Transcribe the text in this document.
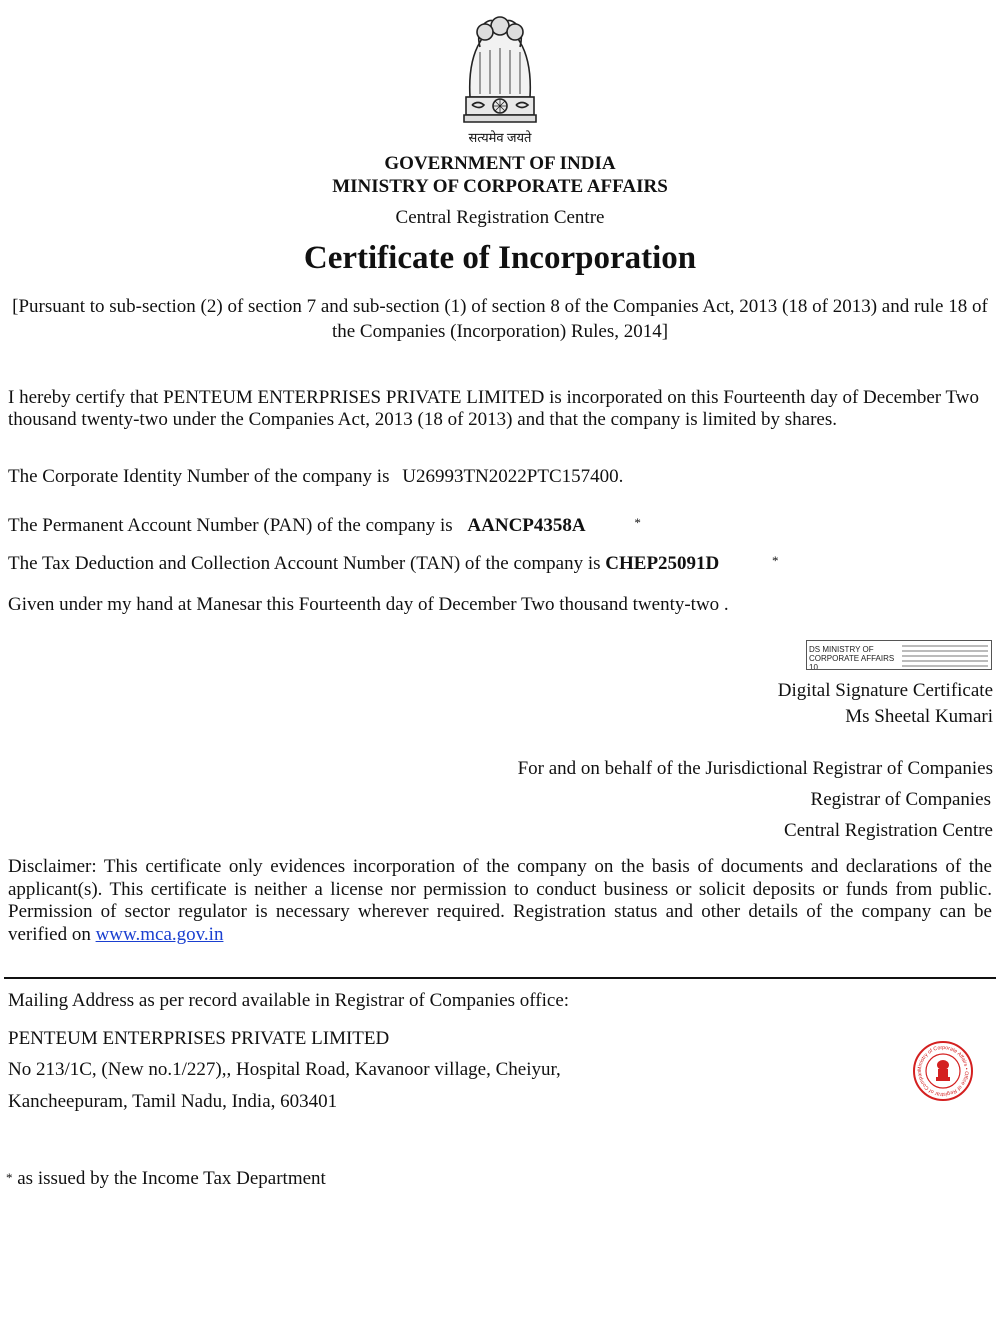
सत्यमेव जयते
GOVERNMENT OF INDIA
MINISTRY OF CORPORATE AFFAIRS
Central Registration Centre
Certificate of Incorporation
[Pursuant to sub-section (2) of section 7 and sub-section (1) of section 8 of the Companies Act, 2013 (18 of 2013) and rule 18 of the Companies (Incorporation) Rules, 2014]
I hereby certify that PENTEUM ENTERPRISES PRIVATE LIMITED is incorporated on this Fourteenth day of December Two thousand twenty-two under the Companies Act, 2013 (18 of 2013) and that the company is limited by shares.
The Corporate Identity Number of the company is U26993TN2022PTC157400.
The Permanent Account Number (PAN) of the company is AANCP4358A	*
The Tax Deduction and Collection Account Number (TAN) of the company is CHEP25091D	*
Given under my hand at Manesar this Fourteenth day of December Two thousand twenty-two .
DS MINISTRY OF
CORPORATE AFFAIRS 10
Digital Signature Certificate
Ms Sheetal Kumari
For and on behalf of the Jurisdictional Registrar of Companies
Registrar of Companies
Central Registration Centre
Disclaimer: This certificate only evidences incorporation of the company on the basis of documents and declarations of the applicant(s). This certificate is neither a license nor permission to conduct business or solicit deposits or funds from public. Permission of sector regulator is necessary wherever required. Registration status and other details of the company can be verified on www.mca.gov.in
Mailing Address as per record available in Registrar of Companies office:
PENTEUM ENTERPRISES PRIVATE LIMITED
No 213/1C, (New no.1/227),, Hospital Road, Kavanoor village, Cheiyur,
Kancheepuram, Tamil Nadu, India, 603401
Ministry of Corporate Affairs • Office of Registrar of Compan
* as issued by the Income Tax Department
